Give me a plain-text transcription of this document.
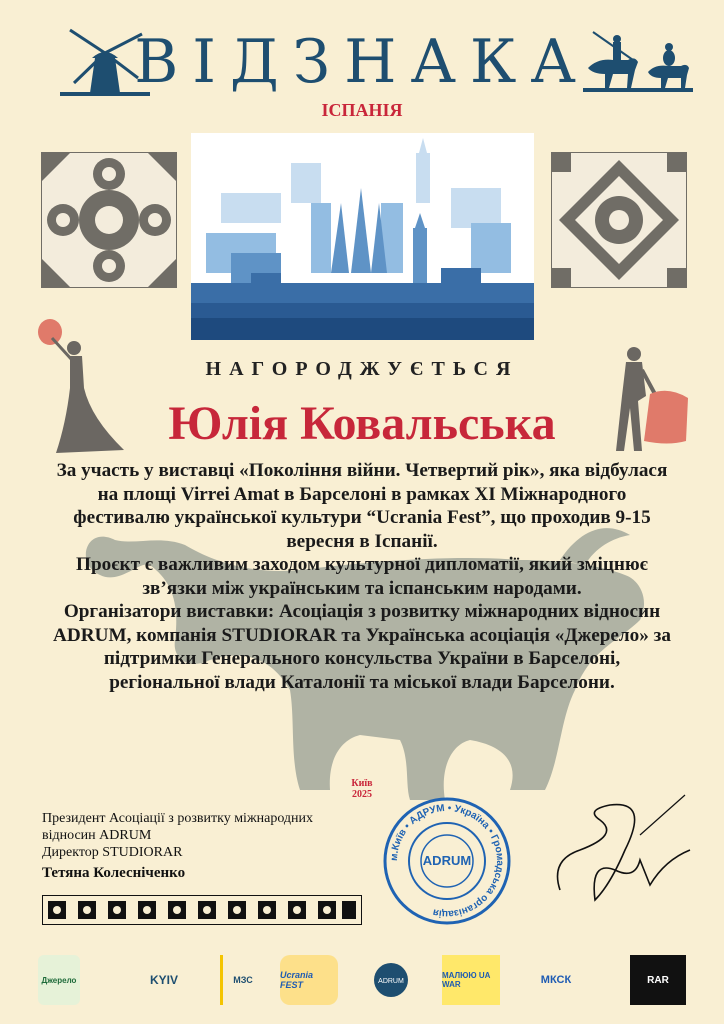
ВІДЗНАКА
ІСПАНІЯ
НАГОРОДЖУЄТЬСЯ
Юлія Ковальська

За участь у виставці «Покоління війни. Четвертий рік», яка відбулася на площі Virrei Amat в Барселоні в рамках XI Міжнародного фестивалю української культури “Ucrania Fest”, що проходив 9-15 вересня в Іспанії.

Проєкт є важливим заходом культурної дипломатії, який зміцнює зв’язки між українським та іспанським народами.

Організатори виставки: Асоціація з розвитку міжнародних відносин ADRUM, компанія STUDIORAR та Українська асоціація «Джерело» за підтримки Генерального консульства України в Барселоні, регіональної влади Каталонії та міської влади Барселони.

Київ
2025
Президент Асоціації з розвитку міжнародних
відносин ADRUM
Директор STUDIORAR
Тетяна Колесніченко
м.Київ • АДРУМ • Україна • Громадська організація
ADRUM
Джерело	KYIV	МЗС	Ucrania FEST	ADRUM
МАЛЮЮ UA WAR	МКСК	RAR
